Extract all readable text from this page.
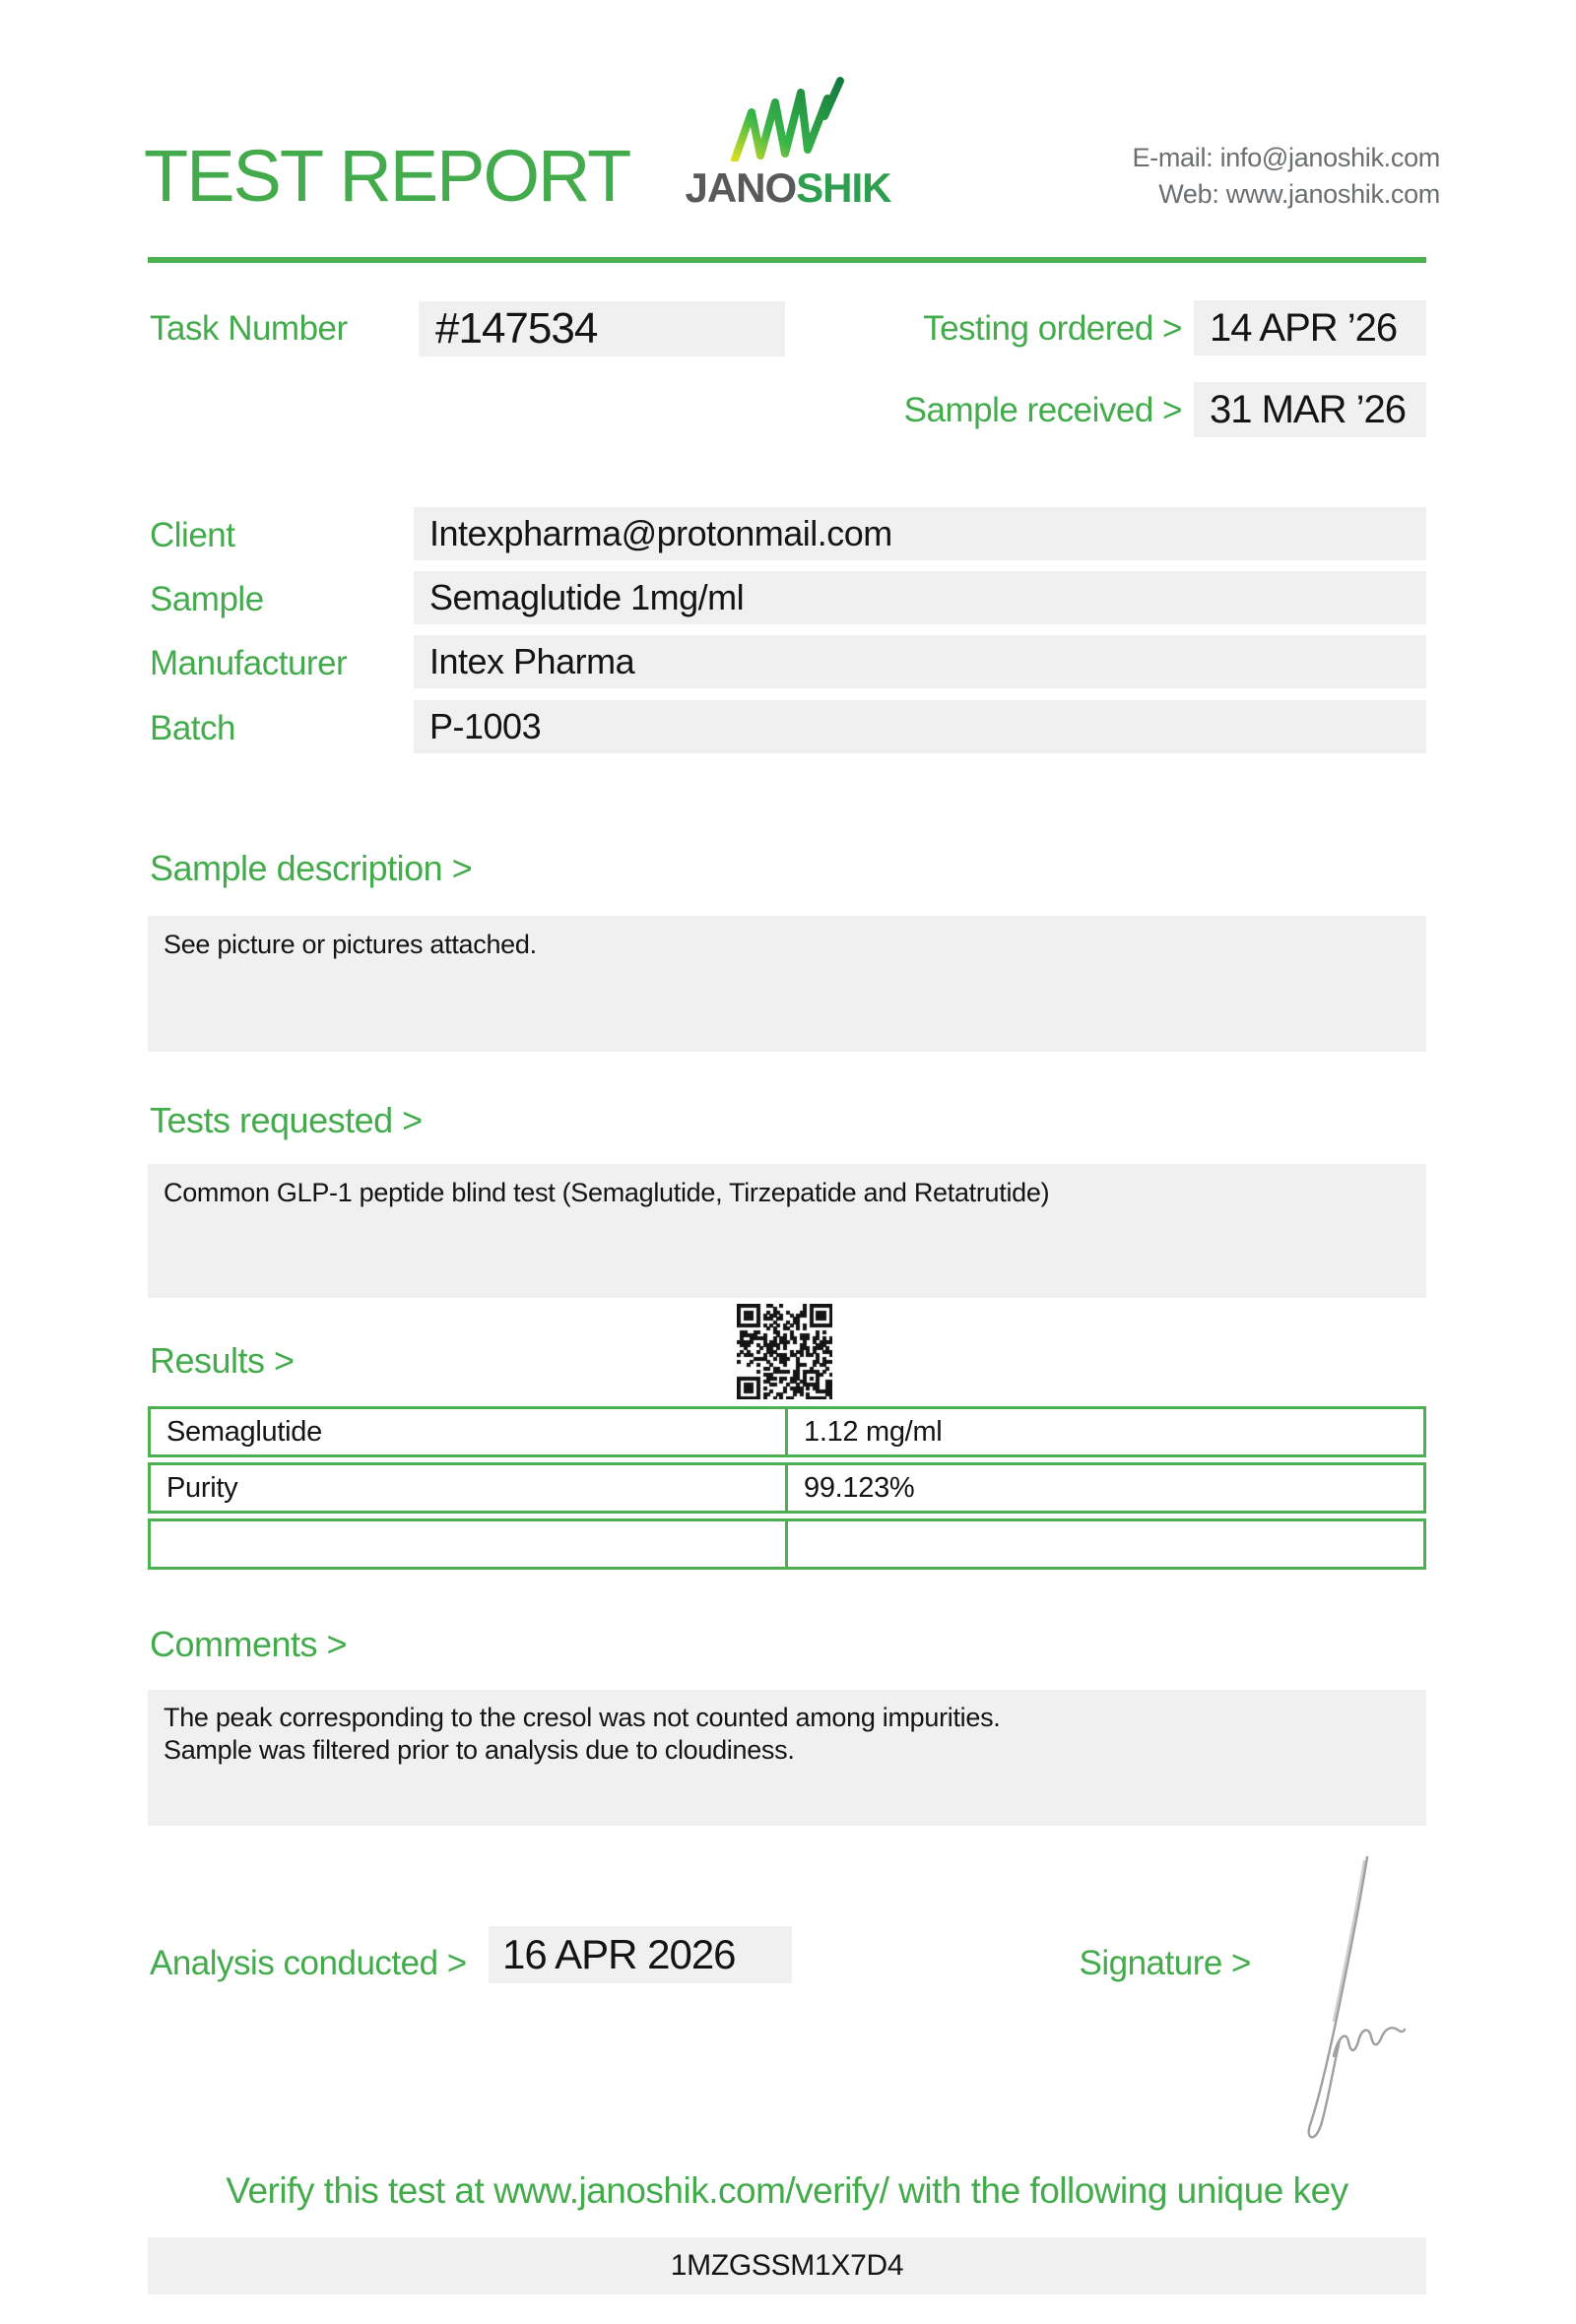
TEST REPORT JANOSHIK
E-mail: info@janoshik.com
Web: www.janoshik.com
Task Number #147534	Testing ordered > 14 APR ’26
Sample received > 31 MAR ’26
Client	Intexpharma@protonmail.com
Sample	Semaglutide 1mg/ml
Manufacturer Intex Pharma
Batch	P-1003
Sample description >
See picture or pictures attached.
Tests requested >
Common GLP-1 peptide blind test (Semaglutide, Tirzepatide and Retatrutide)
Results >
Semaglutide	1.12 mg/ml
Purity	99.123%
Comments >
The peak corresponding to the cresol was not counted among impurities.
Sample was filtered prior to analysis due to cloudiness.
Analysis conducted > 16 APR 2026	Signature >
Verify this test at www.janoshik.com/verify/ with the following unique key
1MZGSSM1X7D4
